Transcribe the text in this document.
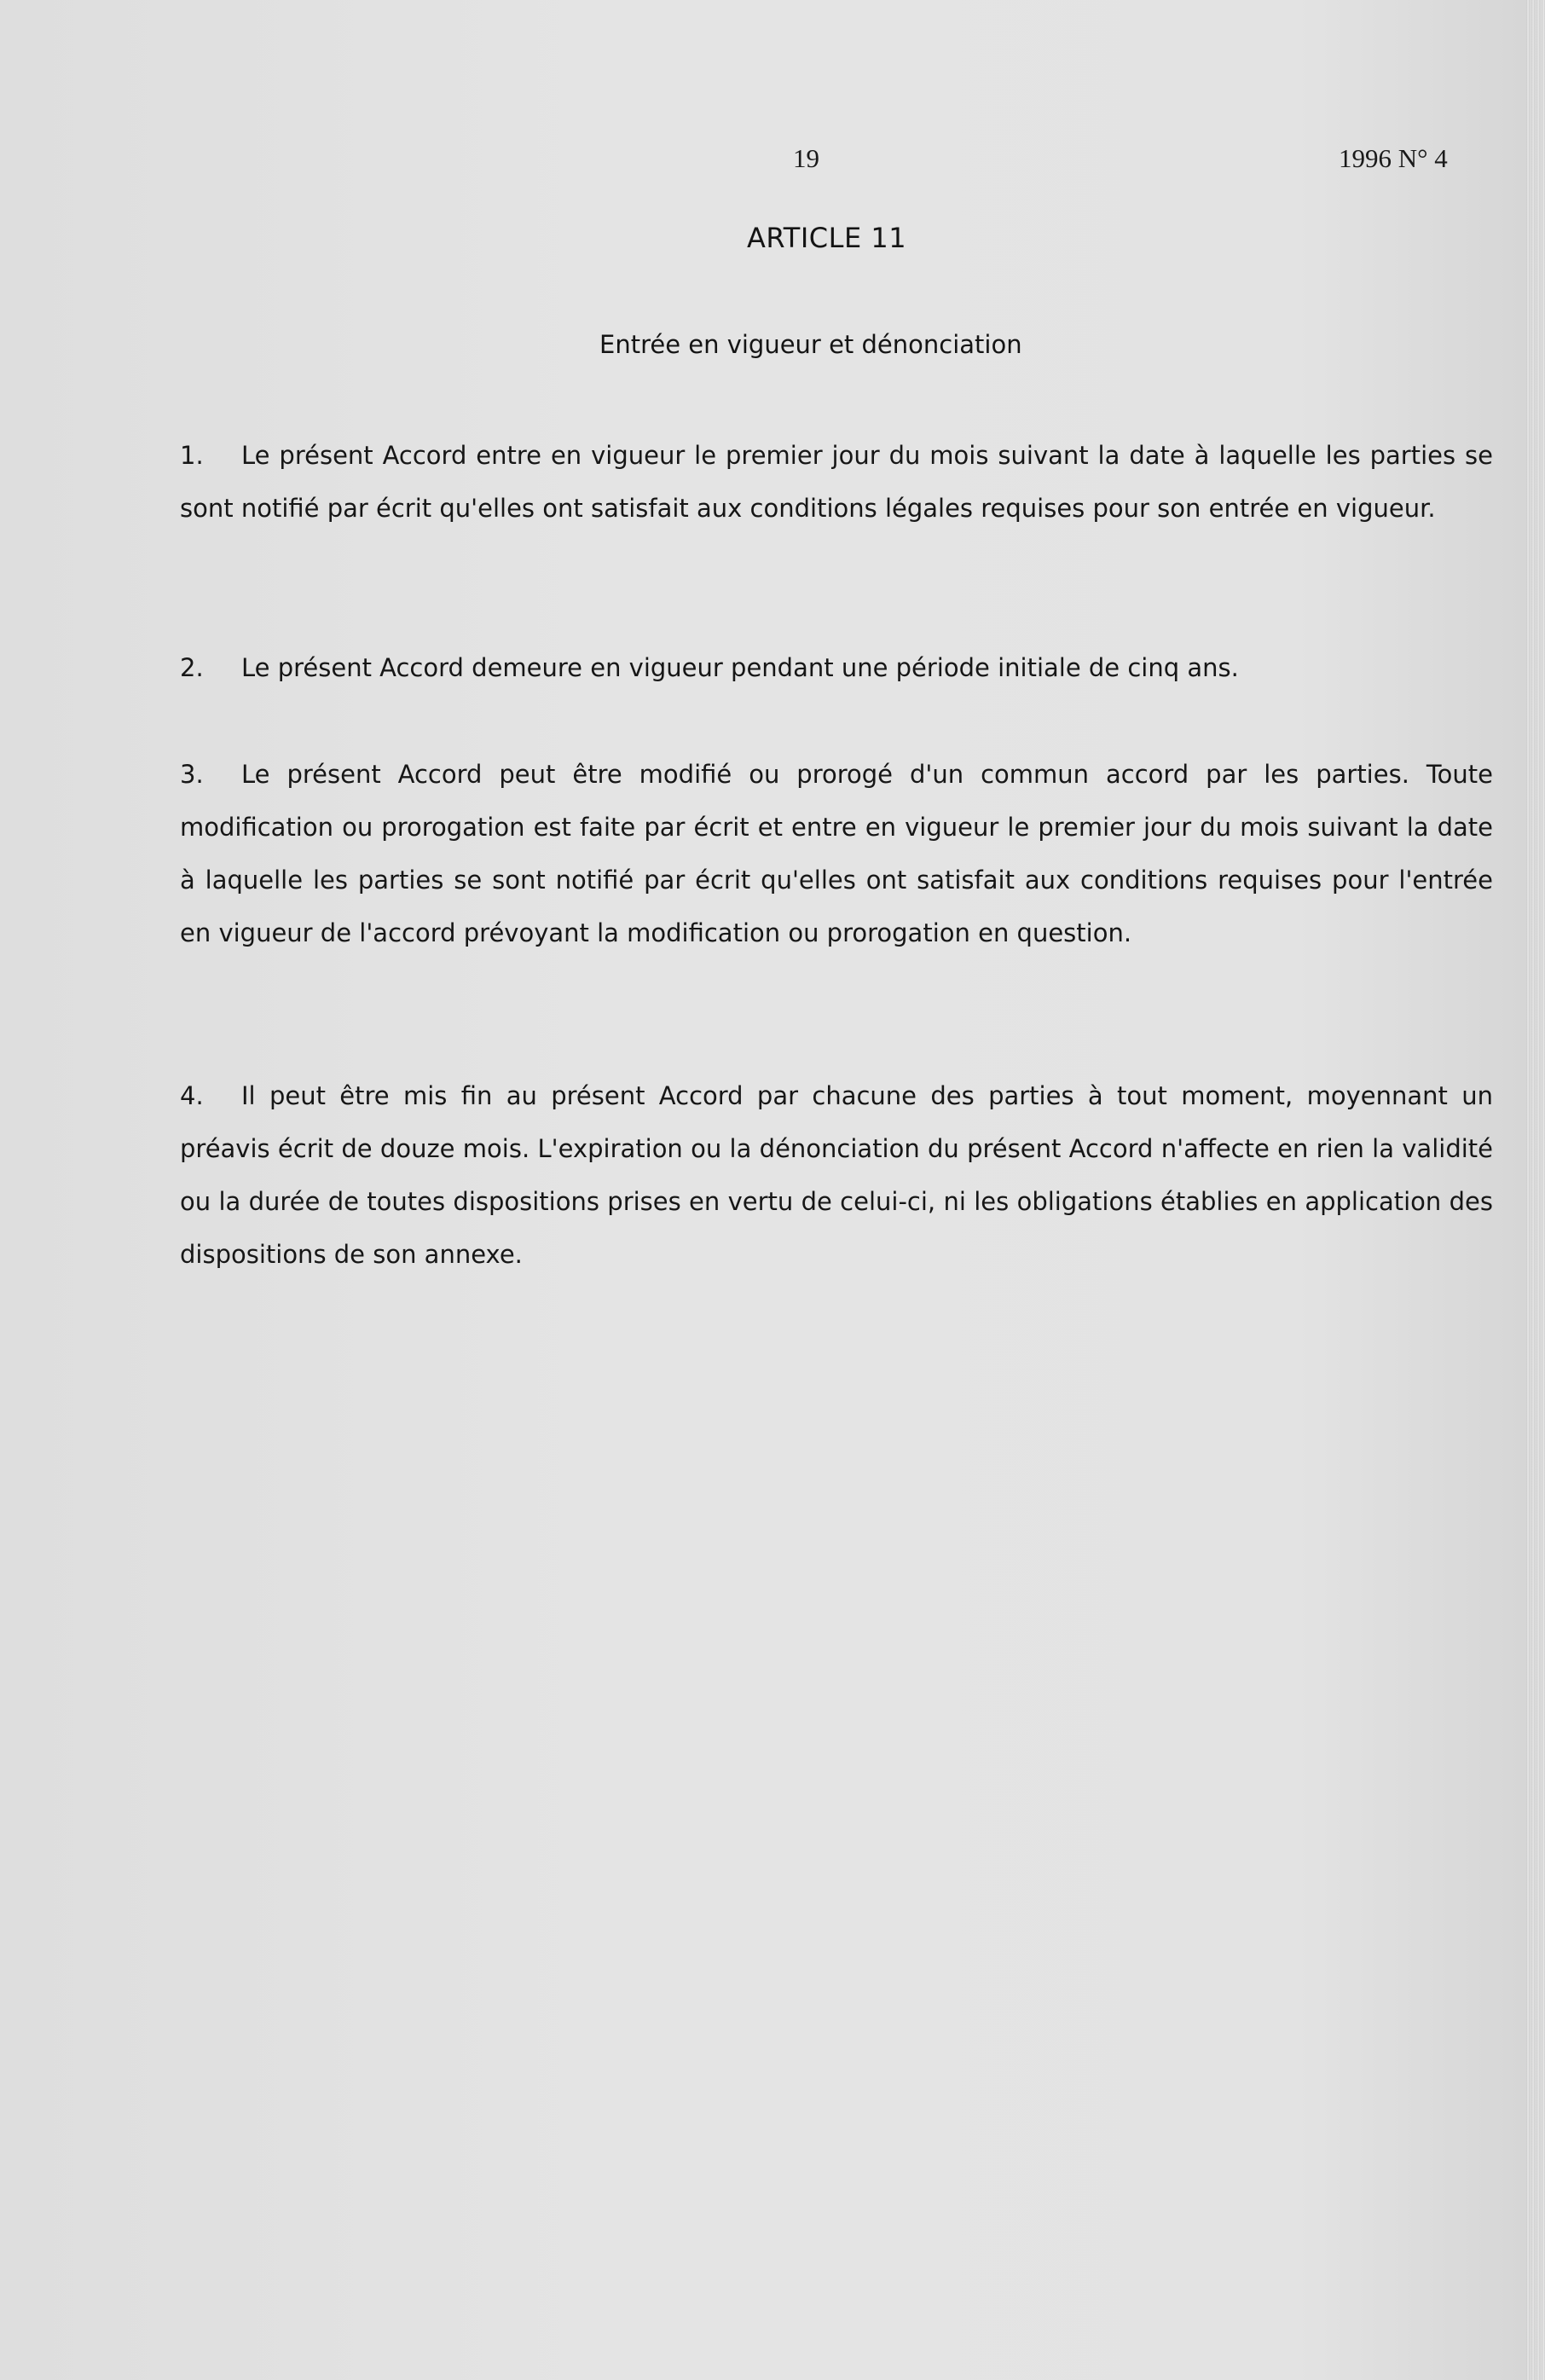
19	1996 N° 4
ARTICLE 11
Entrée en vigueur et dénonciation
1. Le présent Accord entre en vigueur le premier jour du mois suivant la date à laquelle les parties se sont notifié par écrit qu'elles ont satisfait aux conditions légales requises pour son entrée en vigueur.
2. Le présent Accord demeure en vigueur pendant une période initiale de cinq ans.
3. Le présent Accord peut être modifié ou prorogé d'un commun accord par les parties. Toute modification ou prorogation est faite par écrit et entre en vigueur le premier jour du mois suivant la date à laquelle les parties se sont notifié par écrit qu'elles ont satisfait aux conditions requises pour l'entrée en vigueur de l'accord prévoyant la modification ou prorogation en question.
4. Il peut être mis fin au présent Accord par chacune des parties à tout moment, moyennant un préavis écrit de douze mois. L'expiration ou la dénonciation du présent Accord n'affecte en rien la validité ou la durée de toutes dispositions prises en vertu de celui-ci, ni les obligations établies en application des dispositions de son annexe.
